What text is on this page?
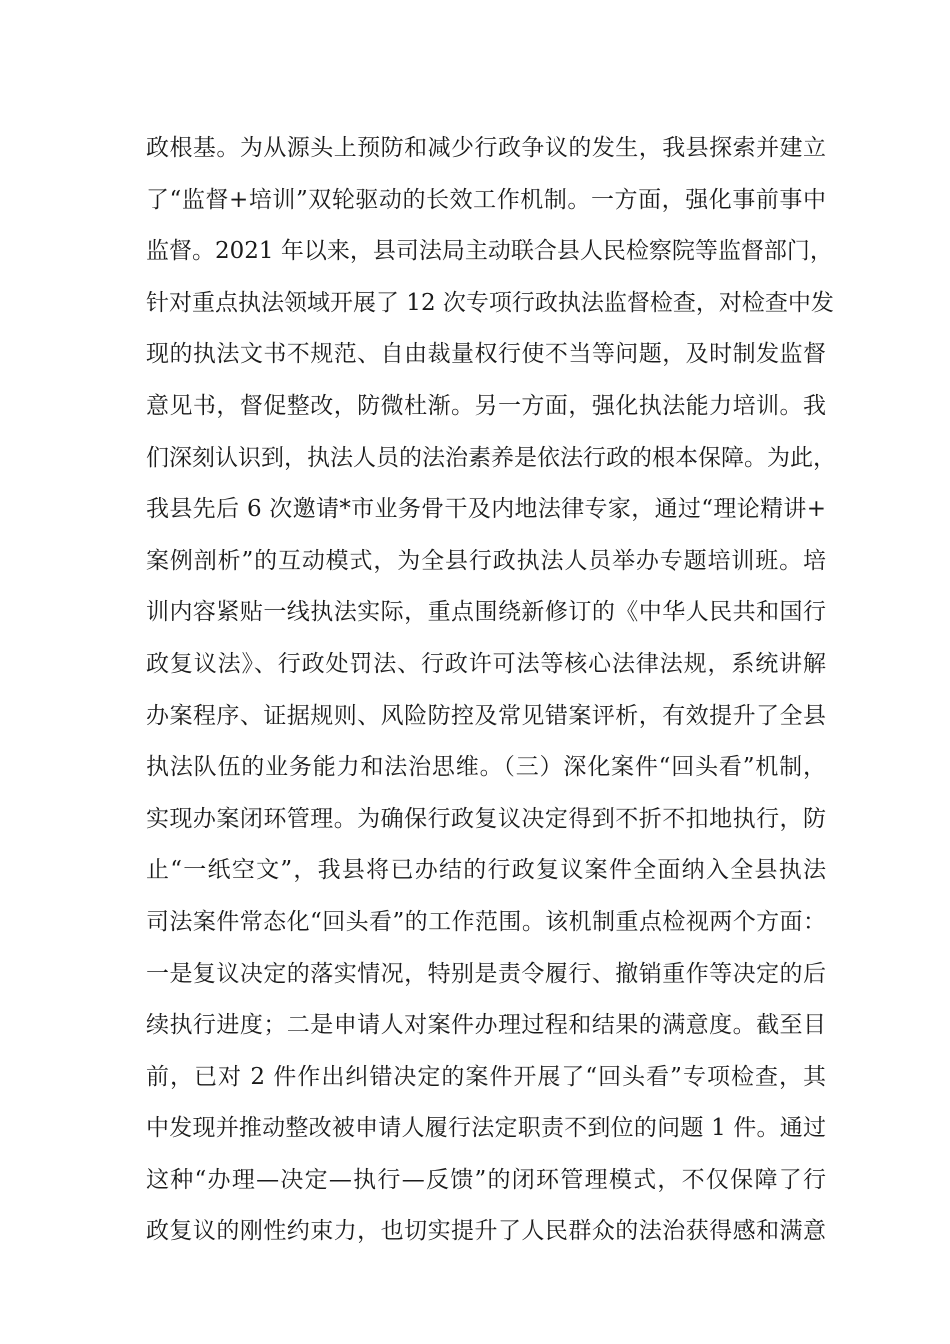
政根基。为从源头上预防和减少行政争议的发生，我县探索并建立
了“监督+培训”双轮驱动的长效工作机制。一方面，强化事前事中
监督。2021 年以来，县司法局主动联合县人民检察院等监督部门，
针对重点执法领域开展了 12 次专项行政执法监督检查，对检查中发
现的执法文书不规范、自由裁量权行使不当等问题，及时制发监督
意见书，督促整改，防微杜渐。另一方面，强化执法能力培训。我
们深刻认识到，执法人员的法治素养是依法行政的根本保障。为此，
我县先后 6 次邀请*市业务骨干及内地法律专家，通过“理论精讲+
案例剖析”的互动模式，为全县行政执法人员举办专题培训班。培
训内容紧贴一线执法实际，重点围绕新修订的《中华人民共和国行
政复议法》、行政处罚法、行政许可法等核心法律法规，系统讲解
办案程序、证据规则、风险防控及常见错案评析，有效提升了全县
执法队伍的业务能力和法治思维。（三）深化案件“回头看”机制，
实现办案闭环管理。为确保行政复议决定得到不折不扣地执行，防
止“一纸空文”，我县将已办结的行政复议案件全面纳入全县执法
司法案件常态化“回头看”的工作范围。该机制重点检视两个方面：
一是复议决定的落实情况，特别是责令履行、撤销重作等决定的后
续执行进度；二是申请人对案件办理过程和结果的满意度。截至目
前，已对 2 件作出纠错决定的案件开展了“回头看”专项检查，其
中发现并推动整改被申请人履行法定职责不到位的问题 1 件。通过
这种“办理—决定—执行—反馈”的闭环管理模式，不仅保障了行
政复议的刚性约束力，也切实提升了人民群众的法治获得感和满意
